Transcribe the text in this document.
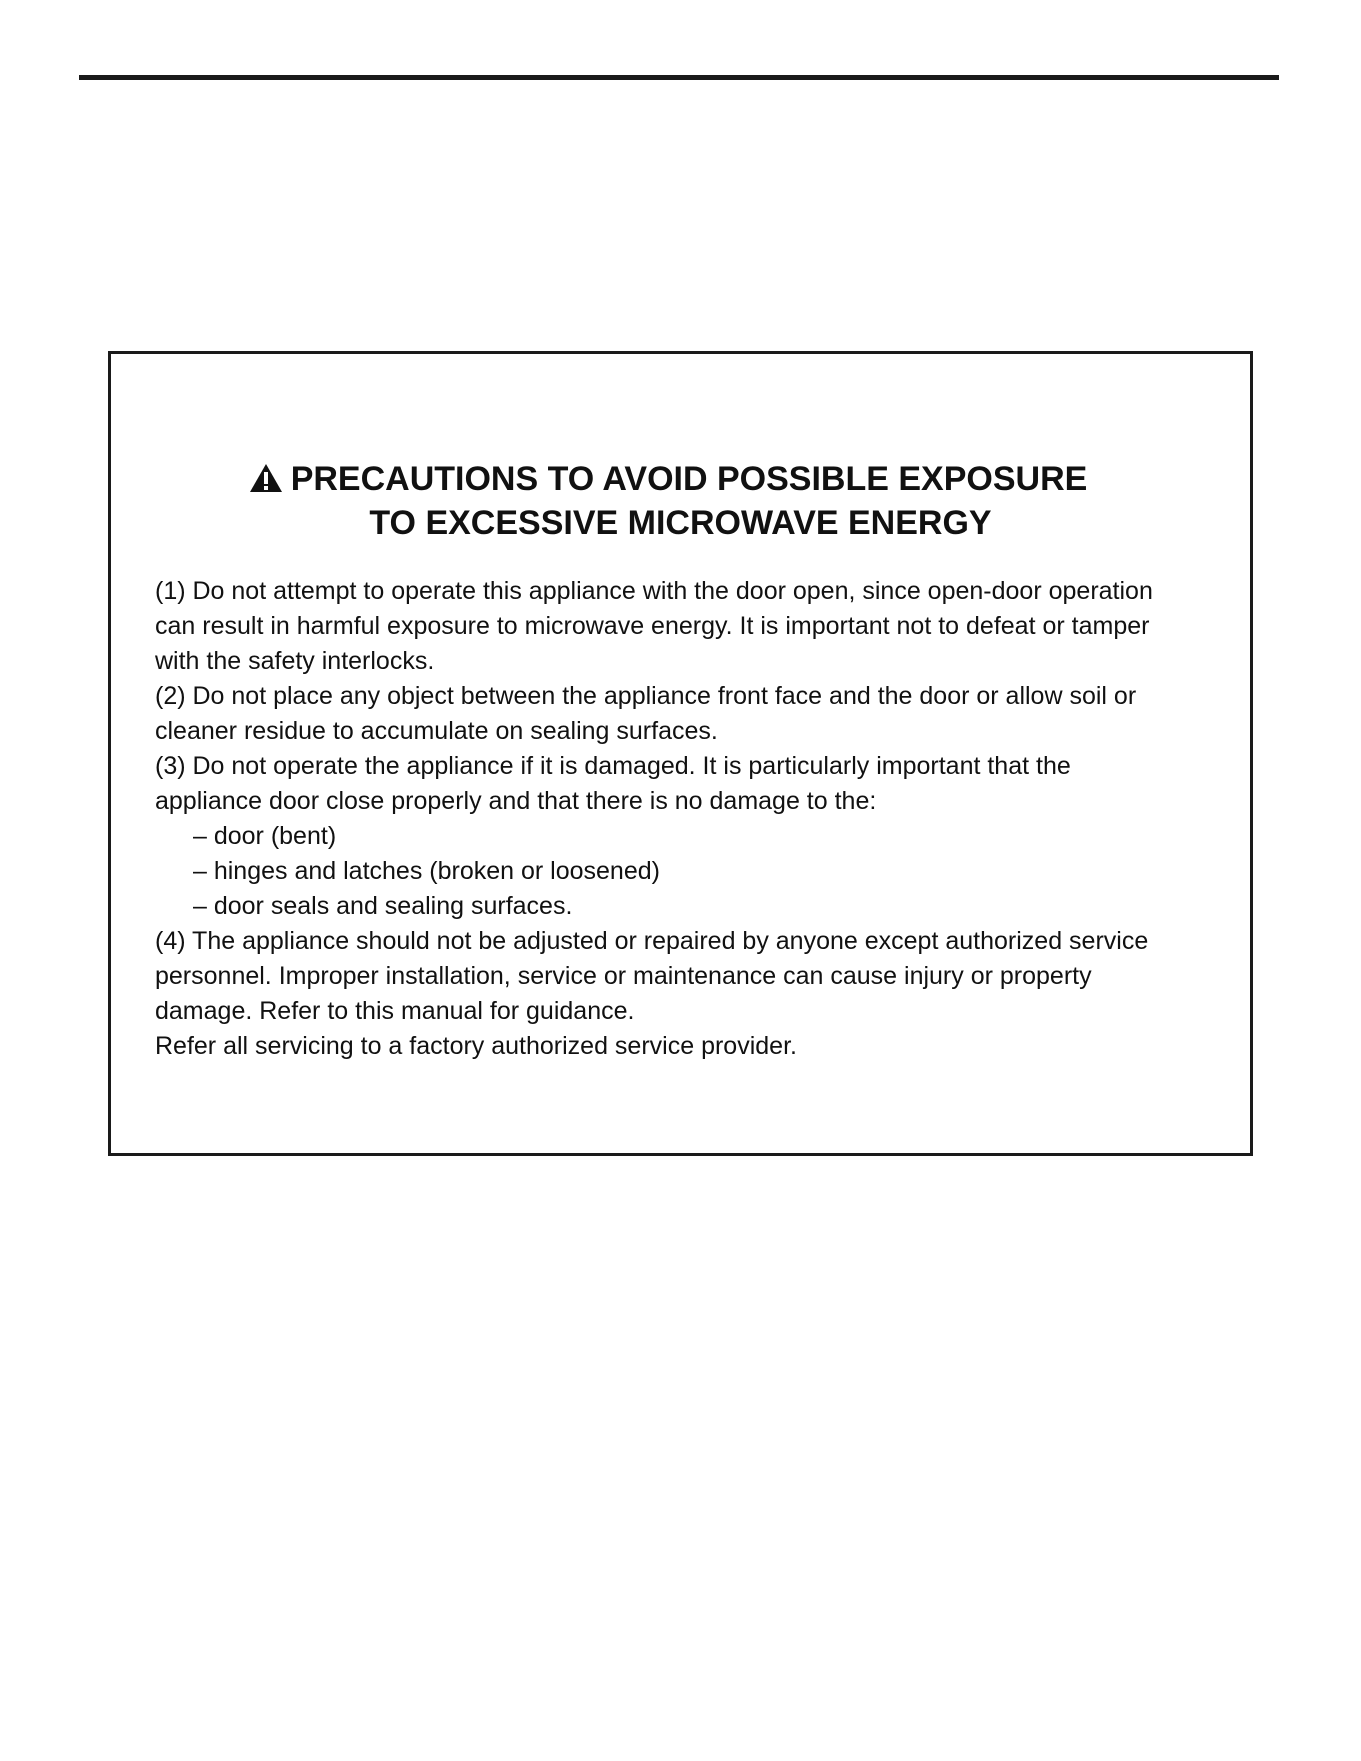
PRECAUTIONS TO AVOID POSSIBLE EXPOSURE
TO EXCESSIVE MICROWAVE ENERGY

(1) Do not attempt to operate this appliance with the door open, since open-door operation

can result in harmful exposure to microwave energy. It is important not to defeat or tamper

with the safety interlocks.

(2) Do not place any object between the appliance front face and the door or allow soil or

cleaner residue to accumulate on sealing surfaces.

(3) Do not operate the appliance if it is damaged. It is particularly important that the

appliance door close properly and that there is no damage to the:

– door (bent)

– hinges and latches (broken or loosened)

– door seals and sealing surfaces.

(4) The appliance should not be adjusted or repaired by anyone except authorized service

personnel. Improper installation, service or maintenance can cause injury or property

damage. Refer to this manual for guidance.

Refer all servicing to a factory authorized service provider.
